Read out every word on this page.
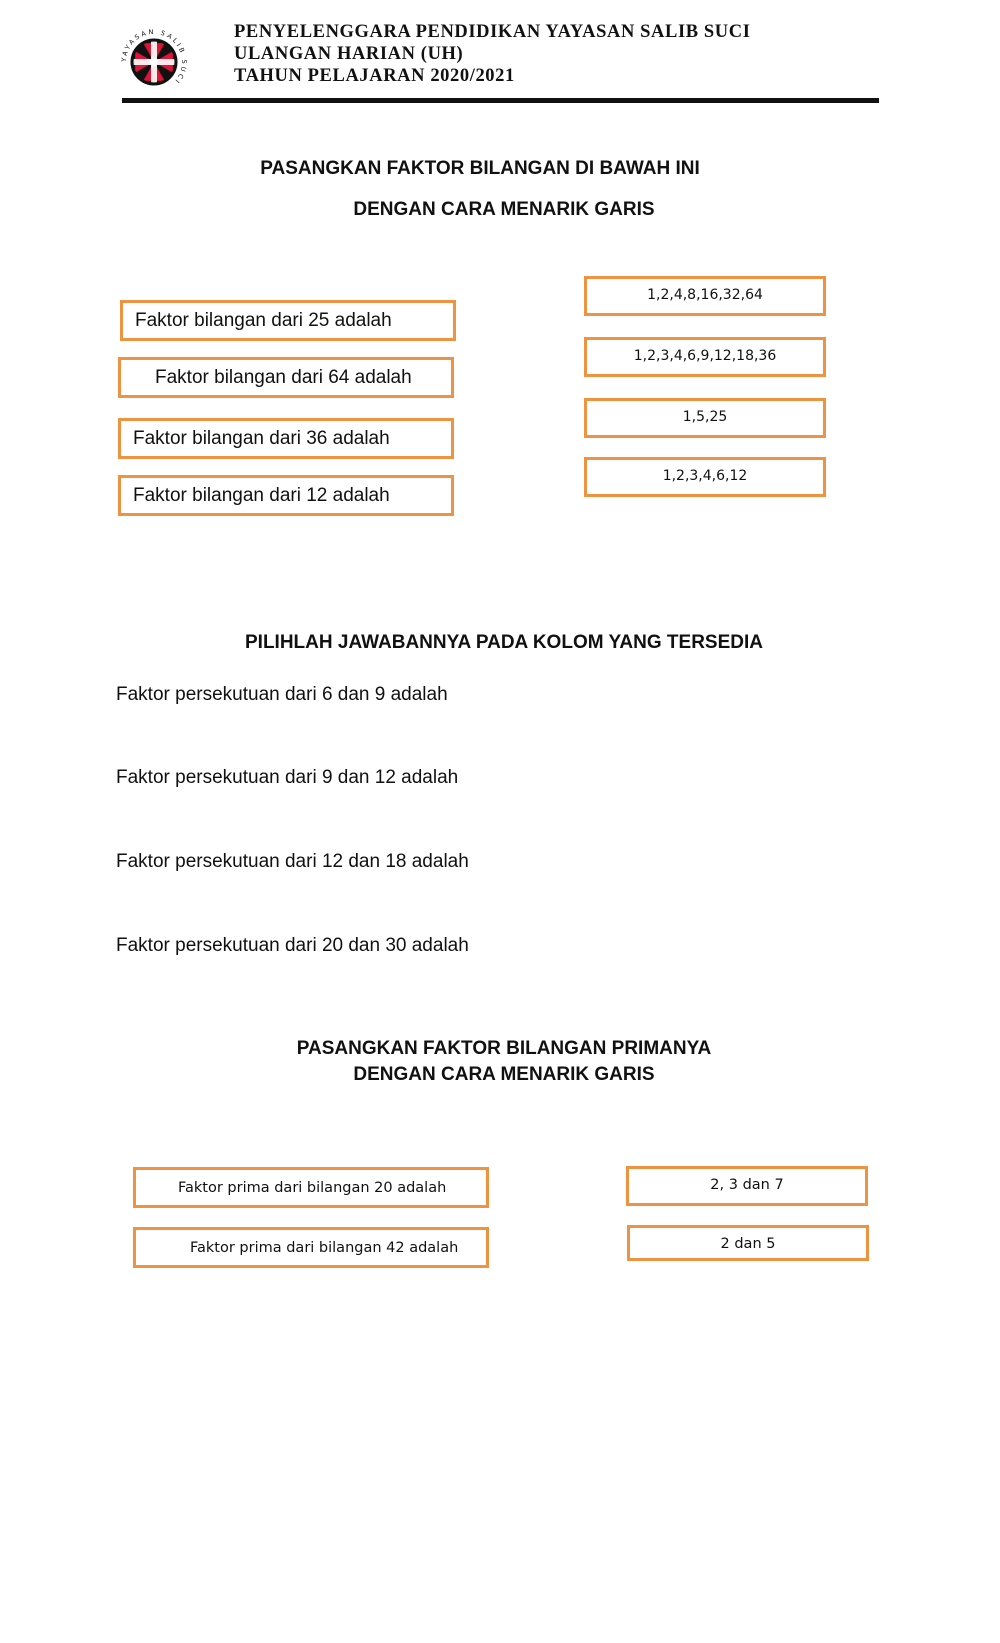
YAYASAN SALIB SUCI
PENYELENGGARA PENDIDIKAN YAYASAN SALIB SUCI
ULANGAN HARIAN (UH)
TAHUN PELAJARAN 2020/2021
PASANGKAN FAKTOR BILANGAN DI BAWAH INI
DENGAN CARA MENARIK GARIS
Faktor bilangan dari 25 adalah
Faktor bilangan dari 64 adalah
Faktor bilangan dari 36 adalah
Faktor bilangan dari 12 adalah
1,2,4,8,16,32,64
1,2,3,4,6,9,12,18,36
1,5,25
1,2,3,4,6,12
PILIHLAH JAWABANNYA PADA KOLOM YANG TERSEDIA
Faktor persekutuan dari 6 dan 9 adalah
Faktor persekutuan dari 9 dan 12 adalah
Faktor persekutuan dari 12 dan 18 adalah
Faktor persekutuan dari 20 dan 30 adalah
PASANGKAN FAKTOR BILANGAN PRIMANYA
DENGAN CARA MENARIK GARIS
Faktor prima dari bilangan 20 adalah
Faktor prima dari bilangan 42 adalah
2, 3 dan 7
2 dan 5
